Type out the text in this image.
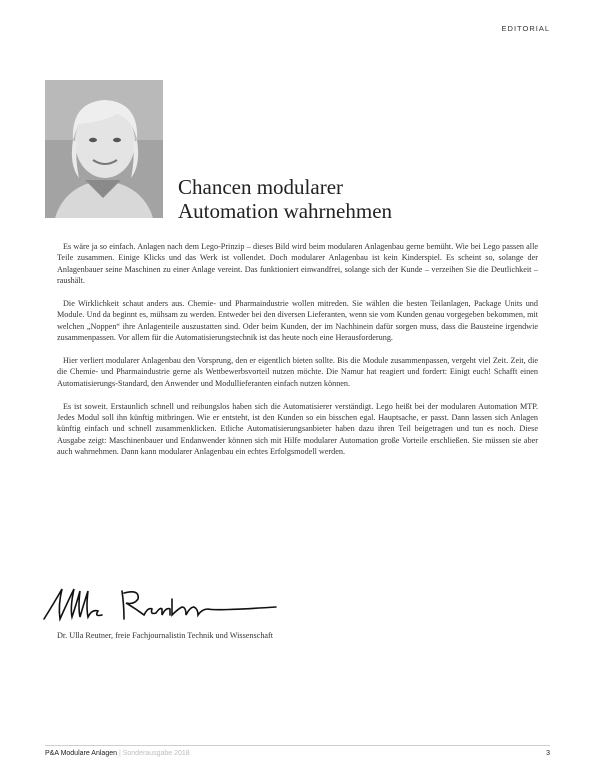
EDITORIAL
Chancen modularer
Automation wahrnehmen

Es wäre ja so einfach. Anlagen nach dem Lego-Prinzip – dieses Bild wird beim modularen Anlagenbau gerne bemüht. Wie bei Lego passen alle Teile zusammen. Einige Klicks und das Werk ist vollendet. Doch modularer Anlagenbau ist kein Kinderspiel. Es scheint so, solange der Anlagenbauer seine Maschinen zu einer Anlage vereint. Das funktioniert einwandfrei, solange sich der Kunde – verzeihen Sie die Deutlichkeit – raushält.

Die Wirklichkeit schaut anders aus. Chemie- und Pharmaindustrie wollen mitreden. Sie wählen die besten Teilanlagen, Package Units und Module. Und da beginnt es, mühsam zu werden. Entweder bei den diversen Lieferanten, wenn sie vom Kunden genau vorgegeben bekommen, mit welchen „Noppen“ ihre Anlagenteile auszustatten sind. Oder beim Kunden, der im Nachhinein dafür sorgen muss, dass die Bausteine irgendwie zusammenpassen. Vor allem für die Automatisierungstechnik ist das heute noch eine Herausforderung.

Hier verliert modularer Anlagenbau den Vorsprung, den er eigentlich bieten sollte. Bis die Module zusammenpassen, vergeht viel Zeit. Zeit, die die Chemie- und Pharmaindustrie gerne als Wettbewerbsvorteil nutzen möchte. Die Namur hat reagiert und fordert: Einigt euch! Schafft einen Automatisierungs-Standard, den Anwender und Modullieferanten einfach nutzen können.

Es ist soweit. Erstaunlich schnell und reibungslos haben sich die Automatisierer verständigt. Lego heißt bei der modularen Automation MTP. Jedes Modul soll ihn künftig mitbringen. Wie er entsteht, ist den Kunden so ein bisschen egal. Hauptsache, er passt. Dann lassen sich Anlagen künftig einfach und schnell zusammenklicken. Etliche Automatisierungsanbieter haben dazu ihren Teil beigetragen und tun es noch. Diese Ausgabe zeigt: Maschinenbauer und Endanwender können sich mit Hilfe modularer Automation große Vorteile erschließen. Sie müssen sie aber auch wahrnehmen. Dann kann modularer Anlagenbau ein echtes Erfolgsmodell werden.

Dr. Ulla Reutner, freie Fachjournalistin Technik und Wissenschaft
P&A Modulare Anlagen | Sonderausgabe 2018	3
